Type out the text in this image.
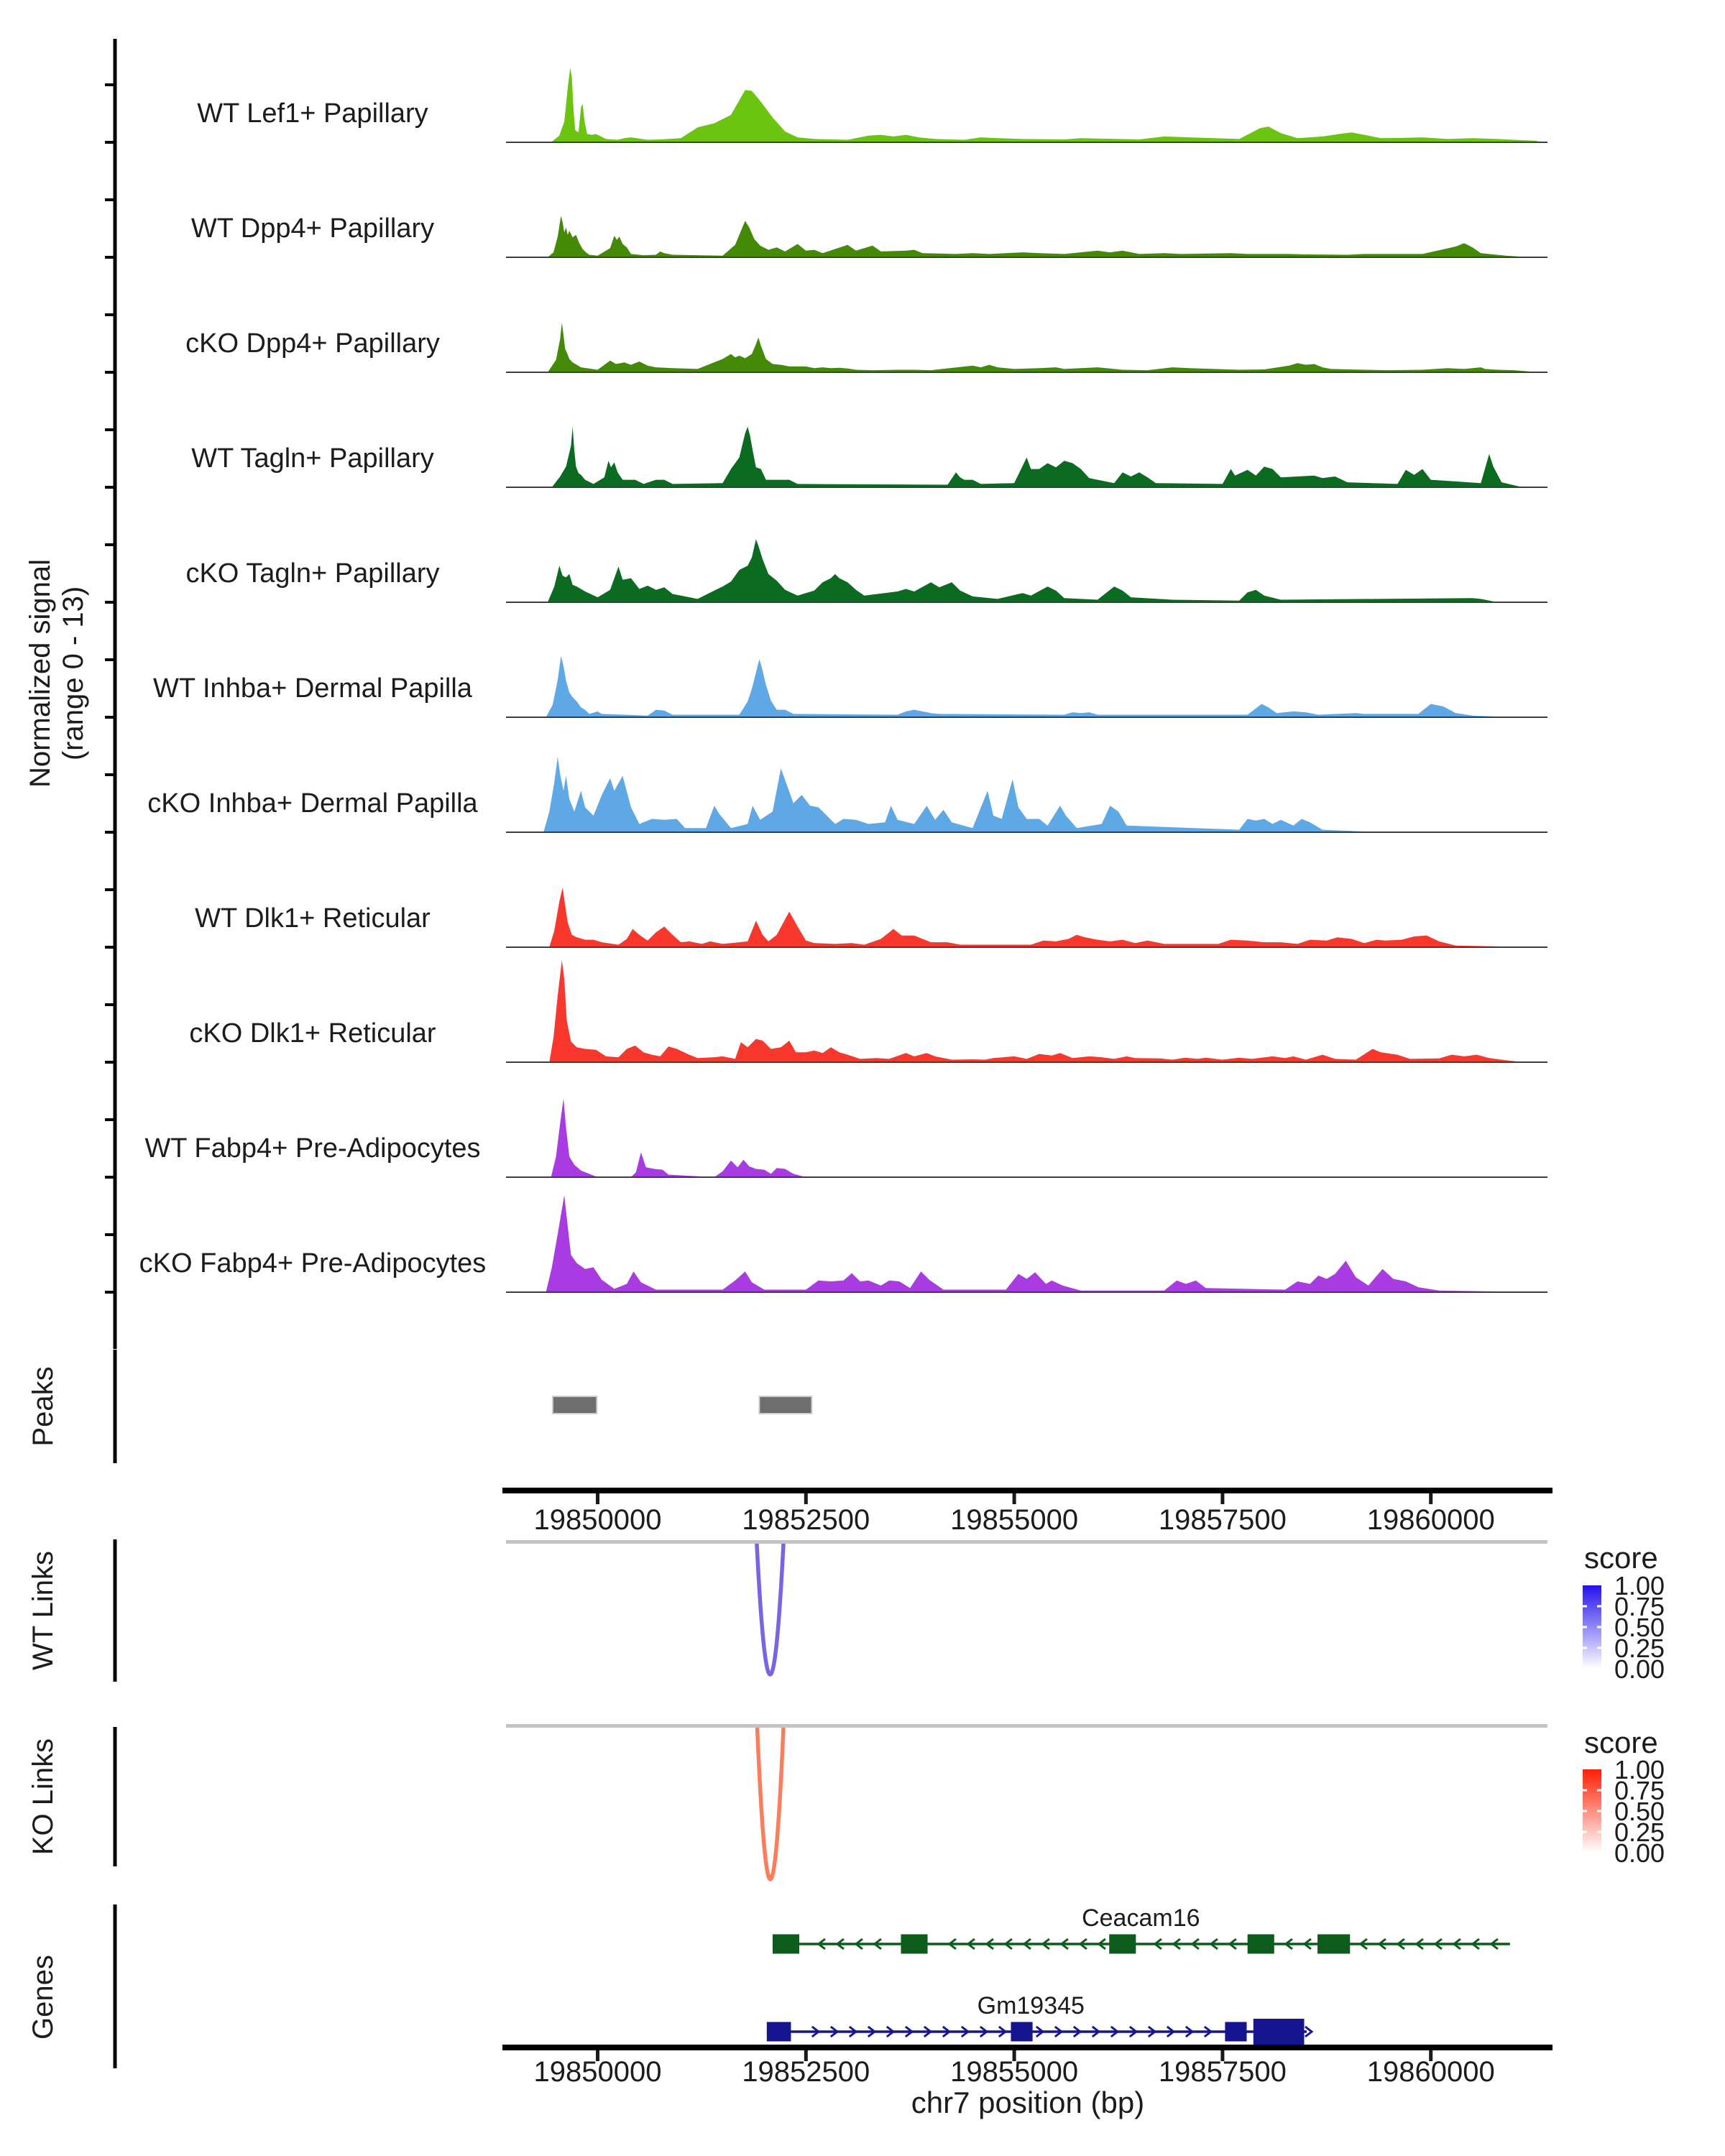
WT Lef1+ Papillary
WT Dpp4+ Papillary
cKO Dpp4+ Papillary
WT Tagln+ Papillary
cKO Tagln+ Papillary
WT Inhba+ Dermal Papilla
cKO Inhba+ Dermal Papilla
WT Dlk1+ Reticular
cKO Dlk1+ Reticular
WT Fabp4+ Pre-Adipocytes
cKO Fabp4+ Pre-Adipocytes
19850000	19852500	19855000	19857500	19860000
19850000	19852500	19855000	19857500	19860000
1.00
0.75
0.50
0.25
0.00
1.00
0.75
0.50
0.25
0.00
Ceacam16
Gm19345
Normalized signal (range 0 - 13)
Peaks
WT Links
KO Links
Genes
score
score
chr7 position (bp)
